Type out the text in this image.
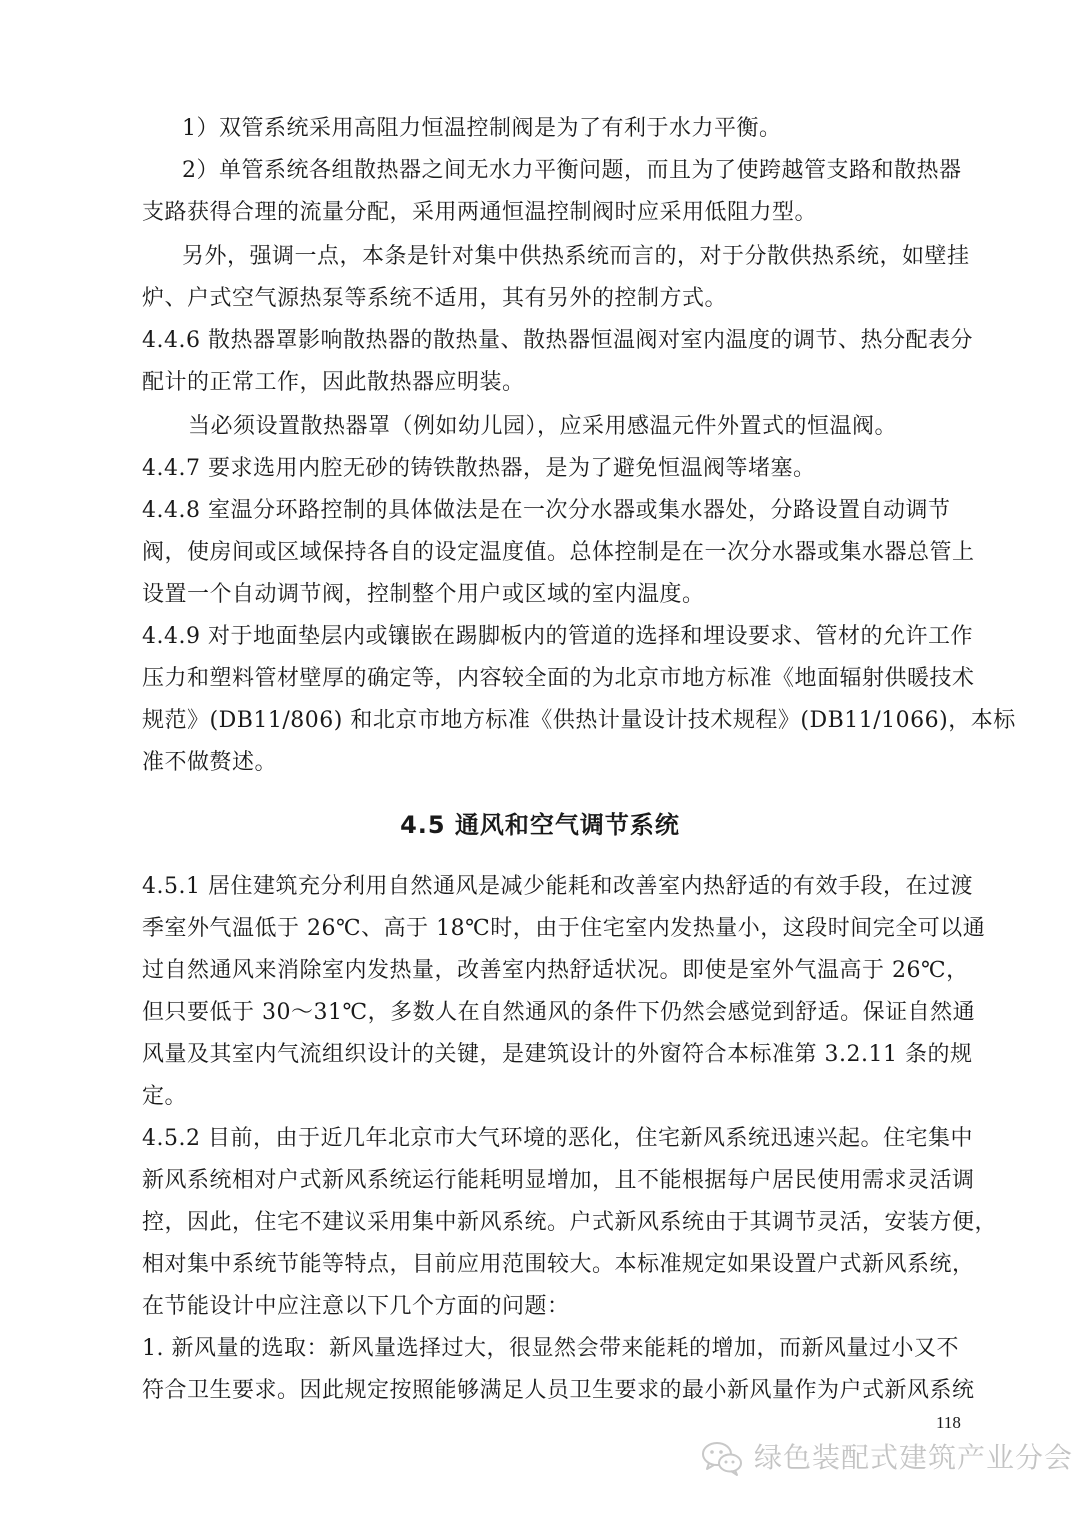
1）双管系统采用高阻力恒温控制阀是为了有利于水力平衡。
2）单管系统各组散热器之间无水力平衡问题，而且为了使跨越管支路和散热器
支路获得合理的流量分配，采用两通恒温控制阀时应采用低阻力型。
另外，强调一点，本条是针对集中供热系统而言的，对于分散供热系统，如壁挂
炉、户式空气源热泵等系统不适用，其有另外的控制方式。
4.4.6 散热器罩影响散热器的散热量、散热器恒温阀对室内温度的调节、热分配表分
配计的正常工作，因此散热器应明装。
当必须设置散热器罩（例如幼儿园），应采用感温元件外置式的恒温阀。
4.4.7 要求选用内腔无砂的铸铁散热器，是为了避免恒温阀等堵塞。
4.4.8 室温分环路控制的具体做法是在一次分水器或集水器处，分路设置自动调节
阀，使房间或区域保持各自的设定温度值。总体控制是在一次分水器或集水器总管上
设置一个自动调节阀，控制整个用户或区域的室内温度。
4.4.9 对于地面垫层内或镶嵌在踢脚板内的管道的选择和埋设要求、管材的允许工作
压力和塑料管材壁厚的确定等，内容较全面的为北京市地方标准《地面辐射供暖技术
规范》(DB11/806) 和北京市地方标准《供热计量设计技术规程》(DB11/1066)，本标
准不做赘述。
4.5 通风和空气调节系统
4.5.1 居住建筑充分利用自然通风是减少能耗和改善室内热舒适的有效手段，在过渡
季室外气温低于 26℃、高于 18℃时，由于住宅室内发热量小，这段时间完全可以通
过自然通风来消除室内发热量，改善室内热舒适状况。即使是室外气温高于 26℃，
但只要低于 30～31℃，多数人在自然通风的条件下仍然会感觉到舒适。保证自然通
风量及其室内气流组织设计的关键，是建筑设计的外窗符合本标准第 3.2.11 条的规
定。
4.5.2 目前，由于近几年北京市大气环境的恶化，住宅新风系统迅速兴起。住宅集中
新风系统相对户式新风系统运行能耗明显增加，且不能根据每户居民使用需求灵活调
控，因此，住宅不建议采用集中新风系统。户式新风系统由于其调节灵活，安装方便，
相对集中系统节能等特点，目前应用范围较大。本标准规定如果设置户式新风系统，
在节能设计中应注意以下几个方面的问题：
1. 新风量的选取：新风量选择过大，很显然会带来能耗的增加，而新风量过小又不
符合卫生要求。因此规定按照能够满足人员卫生要求的最小新风量作为户式新风系统
118
绿色装配式建筑产业分会
